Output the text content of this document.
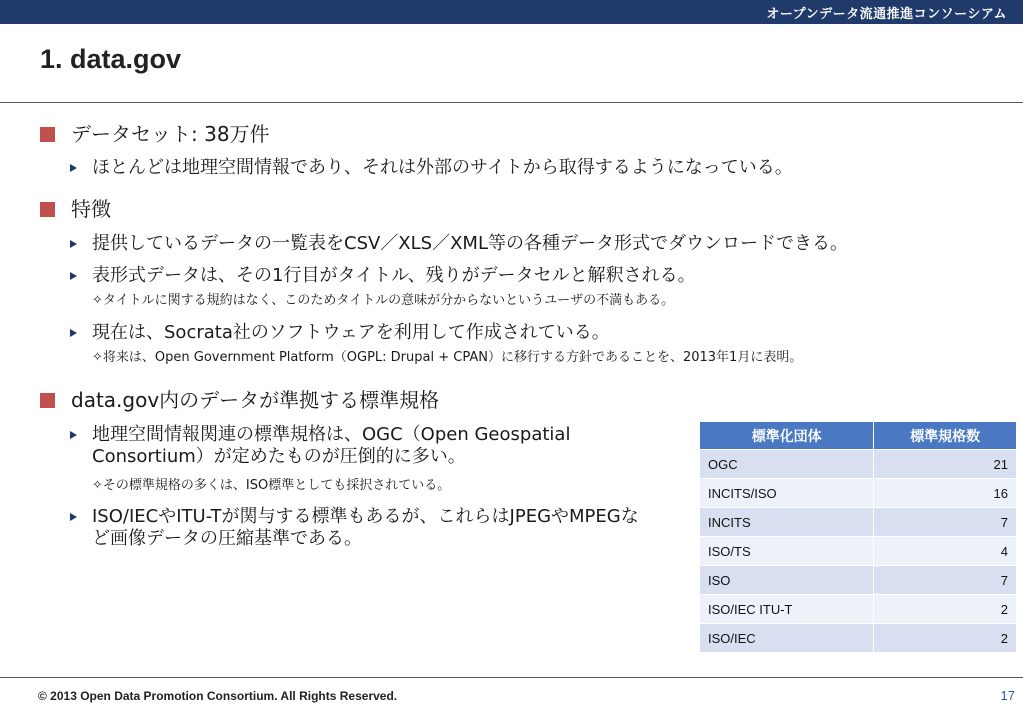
オープンデータ流通推進コンソーシアム
1. data.gov
データセット: 38万件
ほとんどは地理空間情報であり、それは外部のサイトから取得するようになっている。
特徴
提供しているデータの一覧表をCSV／XLS／XML等の各種データ形式でダウンロードできる。
表形式データは、その1行目がタイトル、残りがデータセルと解釈される。
✧タイトルに関する規約はなく、このためタイトルの意味が分からないというユーザの不満もある。
現在は、Socrata社のソフトウェアを利用して作成されている。
✧将来は、Open Government Platform（OGPL: Drupal + CPAN）に移行する方針であることを、2013年1月に表明。
data.gov内のデータが準拠する標準規格
地理空間情報関連の標準規格は、OGC（Open Geospatial Consortium）が定めたものが圧倒的に多い。
✧その標準規格の多くは、ISO標準としても採択されている。
ISO/IECやITU-Tが関与する標準もあるが、これらはJPEGやMPEGなど画像データの圧縮基準である。
標準化団体	標準規格数
OGC	21
INCITS/ISO	16
INCITS	7
ISO/TS	4
ISO	7
ISO/IEC ITU-T	2
ISO/IEC	2
© 2013 Open Data Promotion Consortium. All Rights Reserved.	17
